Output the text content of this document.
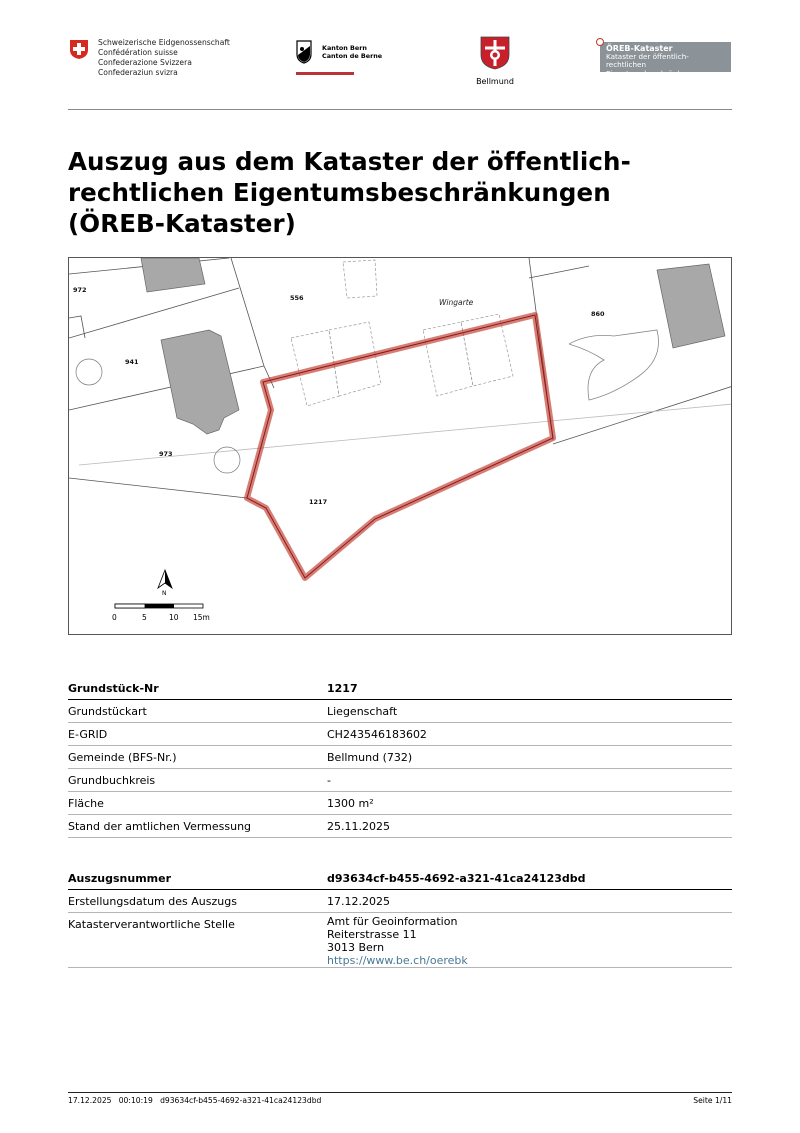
Schweizerische Eidgenossenschaft
Confédération suisse
Confederazione Svizzera
Confederaziun svizra
Kanton Bern
Canton de Berne
Bellmund
ÖREB-Kataster
Kataster der öffentlich-rechtlichen
Eigentumsbeschränkungen
Auszug aus dem Kataster der öffentlich-
rechtlichen Eigentumsbeschränkungen
(ÖREB-Kataster)
972
556
860
941
973
1217
Wingarte
N
0	5	10 15m
Grundstück-Nr	1217
Grundstückart	Liegenschaft
E-GRID	CH243546183602
Gemeinde (BFS-Nr.)	Bellmund (732)
Grundbuchkreis	-
Fläche	1300 m²
Stand der amtlichen Vermessung	25.11.2025
Auszugsnummer	d93634cf-b455-4692-a321-41ca24123dbd
Erstellungsdatum des Auszugs	17.12.2025
Katasterverantwortliche Stelle	Amt für Geoinformation
Reiterstrasse 11
3013 Bern
https://www.be.ch/oerebk
17.12.2025   00:10:19   d93634cf-b455-4692-a321-41ca24123dbd	Seite 1/11
